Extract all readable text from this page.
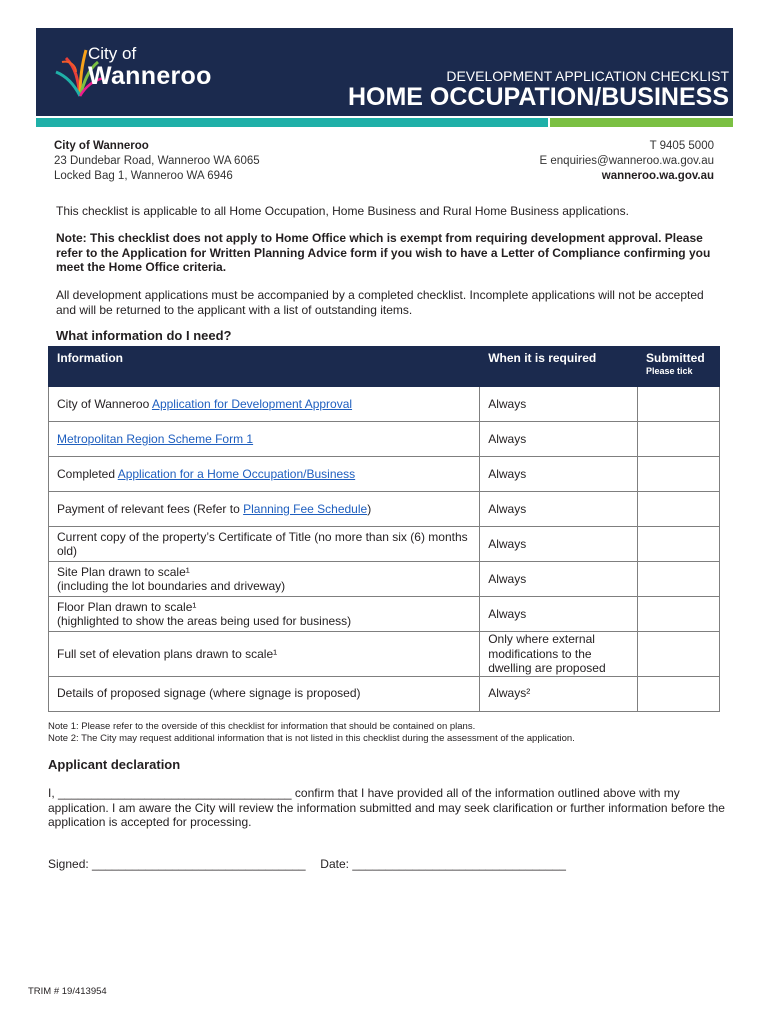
City of
Wanneroo	DEVELOPMENT APPLICATION CHECKLIST
HOME OCCUPATION/BUSINESS
City of Wanneroo
23 Dundebar Road, Wanneroo WA 6065
Locked Bag 1, Wanneroo WA 6946
T 9405 5000
E enquiries@wanneroo.wa.gov.au
wanneroo.wa.gov.au
This checklist is applicable to all Home Occupation, Home Business and Rural Home Business applications.
Note: This checklist does not apply to Home Office which is exempt from requiring development approval. Please refer to the Application for Written Planning Advice form if you wish to have a Letter of Compliance confirming you meet the Home Office criteria.
All development applications must be accompanied by a completed checklist. Incomplete applications will not be accepted and will be returned to the applicant with a list of outstanding items.
What information do I need?
Information	When it is required	Submitted
Please tick

City of Wanneroo Application for Development Approval	Always	
Metropolitan Region Scheme Form 1	Always	
Completed Application for a Home Occupation/Business	Always	
Payment of relevant fees (Refer to Planning Fee Schedule)	Always	
Current copy of the property’s Certificate of Title (no more than six (6) months old)	Always	
Site Plan drawn to scale¹
(including the lot boundaries and driveway)	Always	
Floor Plan drawn to scale¹
(highlighted to show the areas being used for business)	Always	
Full set of elevation plans drawn to scale¹	Only where external modifications to the dwelling are proposed	
Details of proposed signage (where signage is proposed)	Always²	
Note 1: Please refer to the overside of this checklist for information that should be contained on plans.
Note 2: The City may request additional information that is not listed in this checklist during the assessment of the application.
Applicant declaration
I, ___________________________________ confirm that I have provided all of the information outlined above with my application. I am aware the City will review the information submitted and may seek clarification or further information before the application is accepted for processing.
Signed: ________________________________ Date: ________________________________
TRIM # 19/413954
